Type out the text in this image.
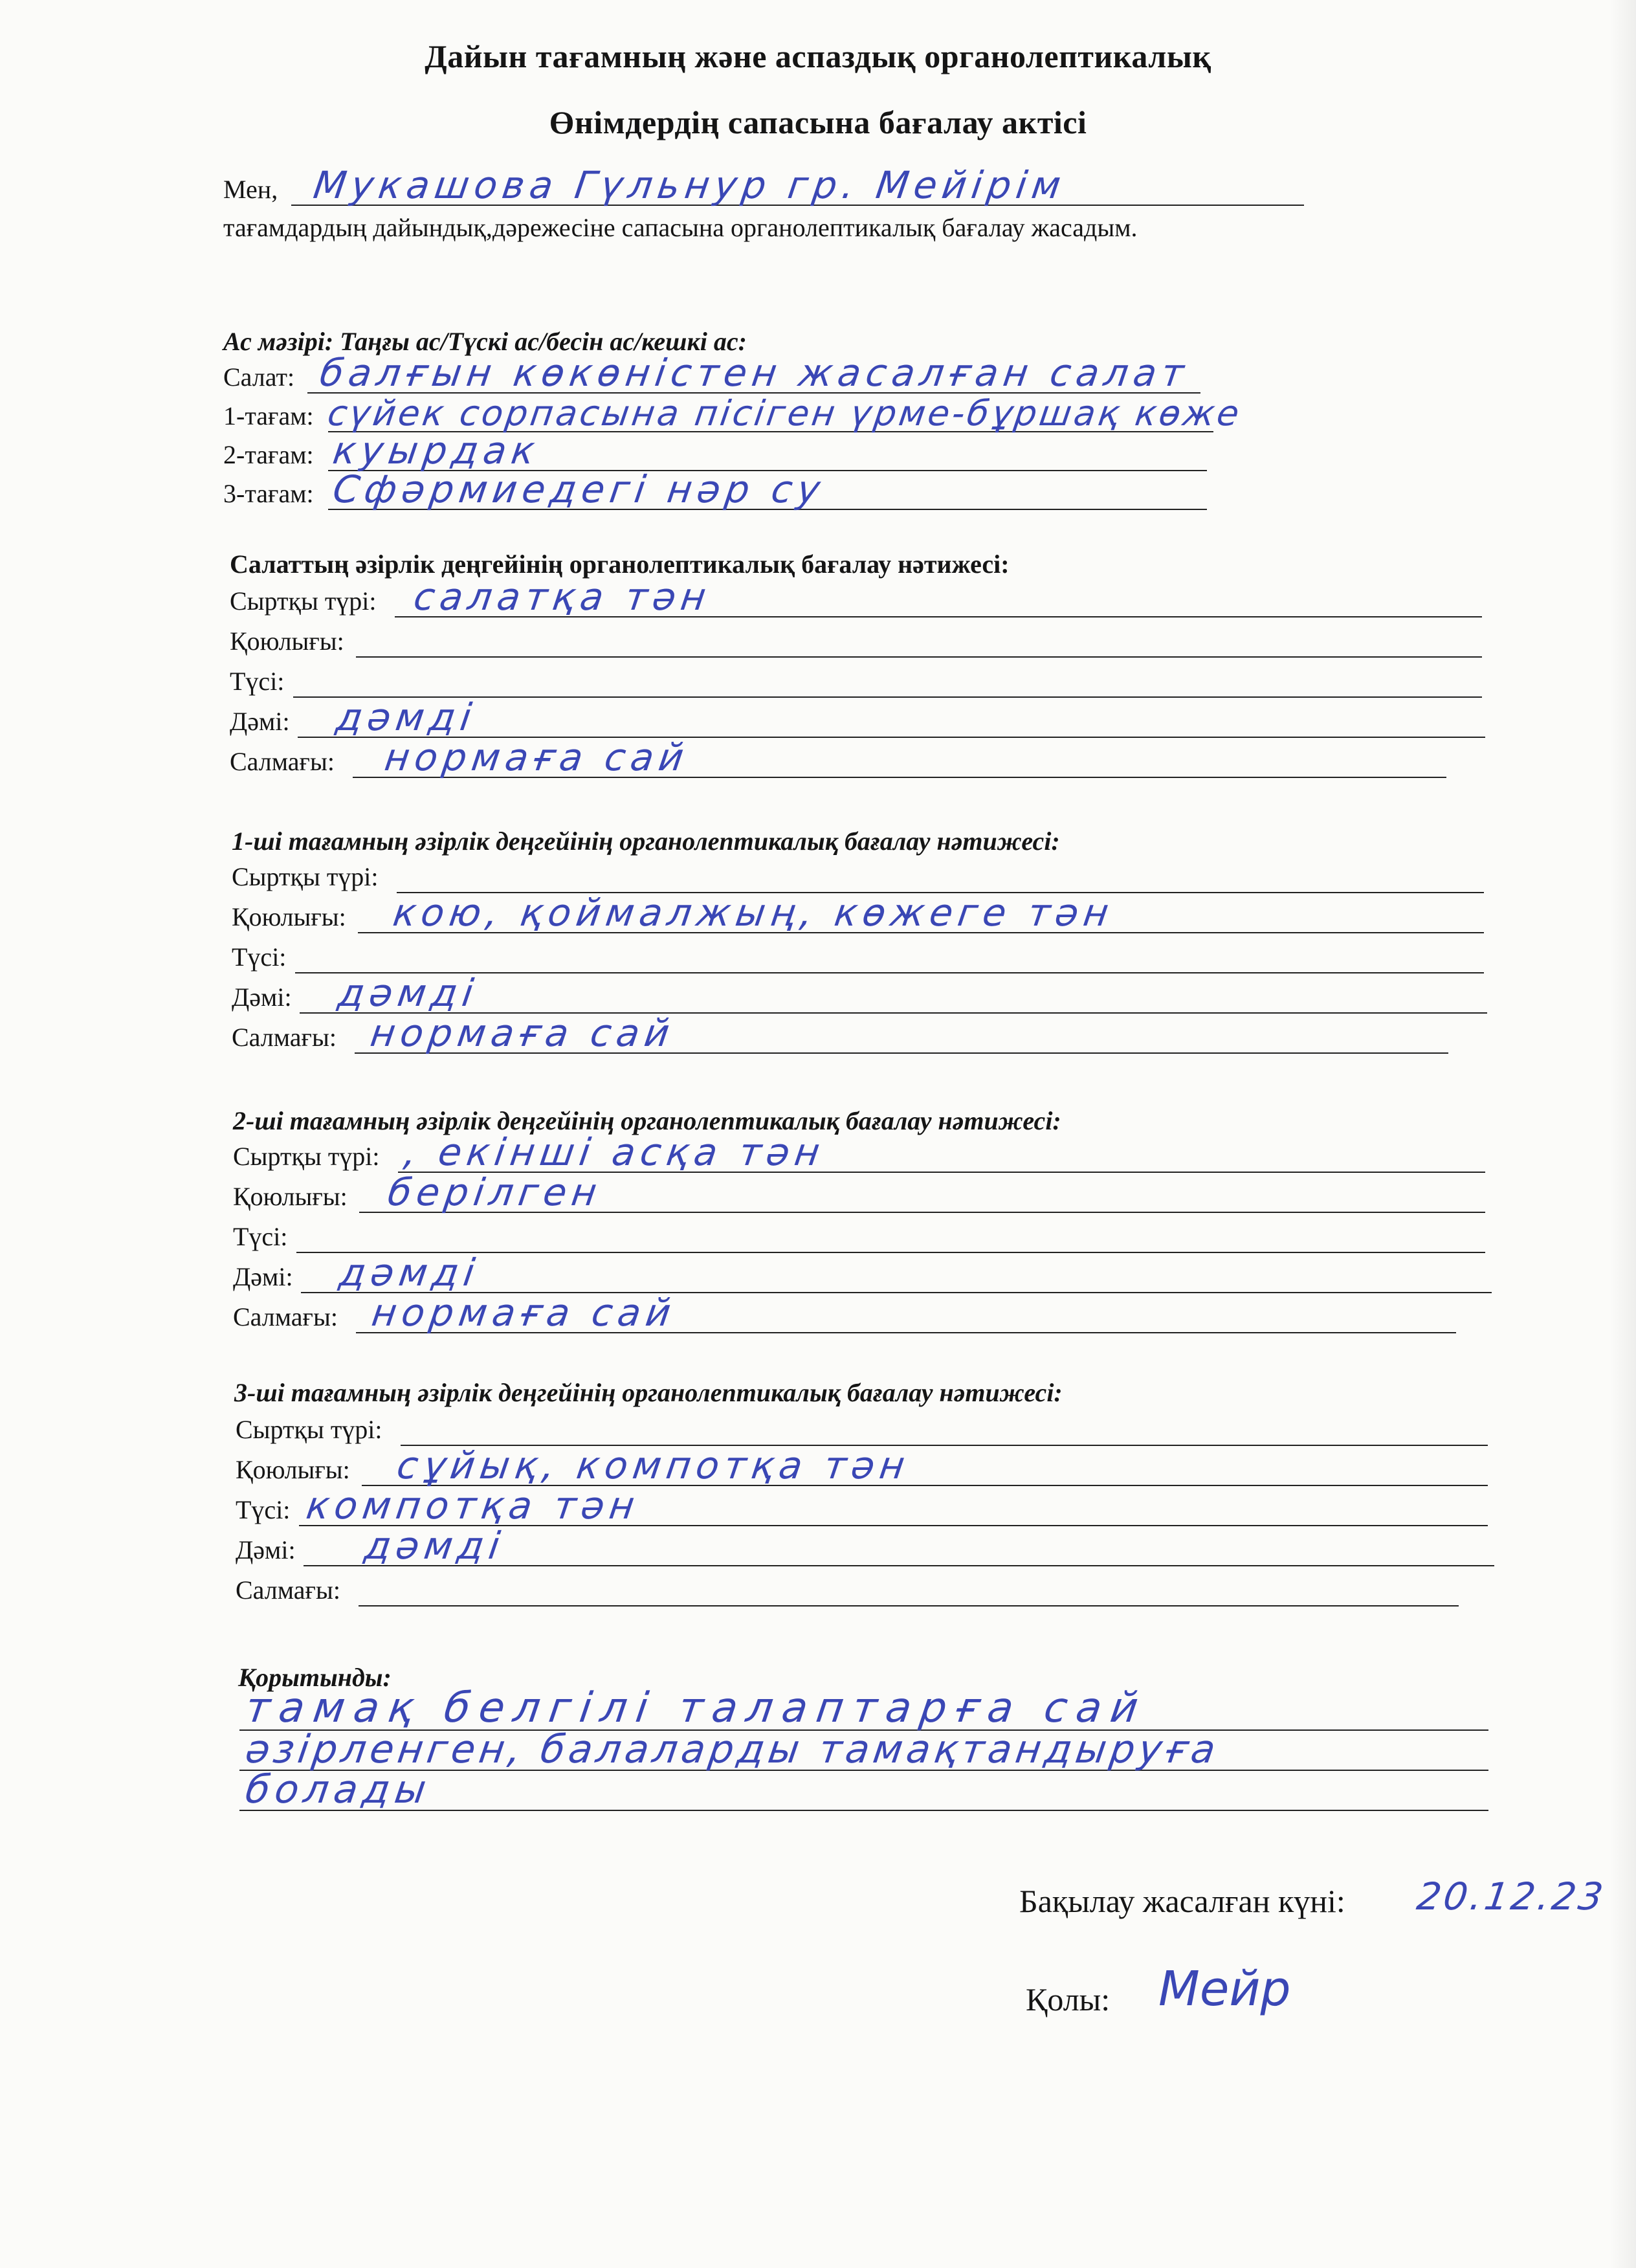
Дайын тағамның және аспаздық органолептикалық
Өнімдердің сапасына бағалау актісі
Мен, Мукашова Гүльнур гр. Мейірім
тағамдардың дайындық,дәрежесіне сапасына органолептикалық бағалау жасадым.
Ас мәзірі: Таңғы ас/Түскі ас/бесін ас/кешкі ас:
Салат: балғын көкөністен жасалған салат
1-тағам: сүйек сорпасына пісіген үрме-бұршақ көже
2-тағам: куырдак
3-тағам: Сфәрмиедегі нәр су
Салаттың әзірлік деңгейінің органолептикалық бағалау нәтижесі:
Сыртқы түрі: салатқа тән
Қоюлығы:
Түсі:
Дәмі: дәмді
Салмағы: нормаға сай
1-ші тағамның әзірлік деңгейінің органолептикалық бағалау нәтижесі:
Сыртқы түрі:
Қоюлығы: кою, қоймалжың, көжеге тән
Түсі:
Дәмі: дәмді
Салмағы: нормаға сай
2-ші тағамның әзірлік деңгейінің органолептикалық бағалау нәтижесі:
Сыртқы түрі: , екінші асқа тән
Қоюлығы: берілген
Түсі:
Дәмі: дәмді
Салмағы: нормаға сай
3-ші тағамның әзірлік деңгейінің органолептикалық бағалау нәтижесі:
Сыртқы түрі:
Қоюлығы: сұйық, компотқа тән
Түсі: компотқа тән
Дәмі: дәмді
Салмағы:
Қорытынды:
тамақ белгілі талаптарға сай
әзірленген, балаларды тамақтандыруға
болады
Бақылау жасалған күні: 20.12.23
Қолы: Мейр
